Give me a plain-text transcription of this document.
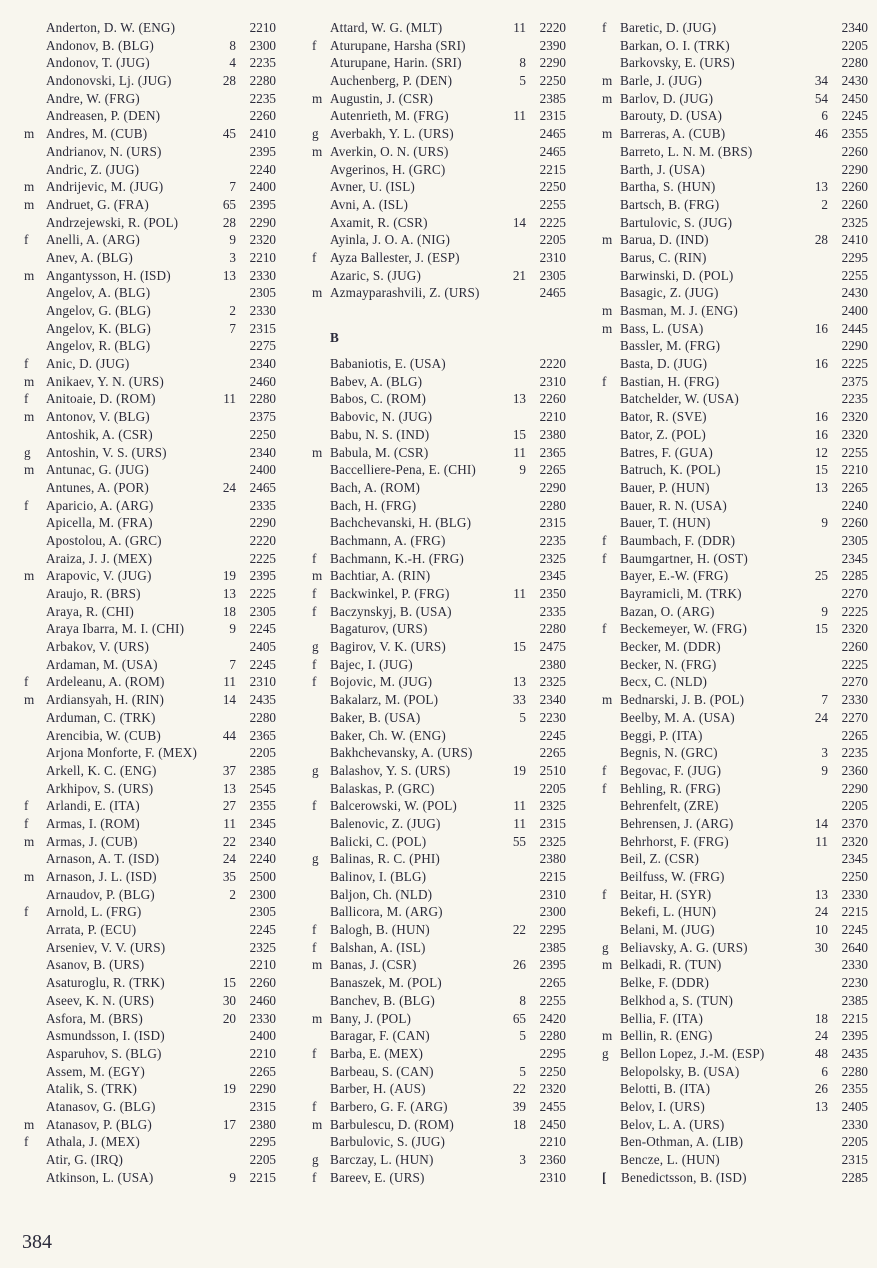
Anderton, D. W. (ENG)	2210
Andonov, B. (BLG)	8	2300
Andonov, T. (JUG)	4	2235
Andonovski, Lj. (JUG)	28	2280
Andre, W. (FRG)	2235
Andreasen, P. (DEN)	2260
m Andres, M. (CUB)	45	2410
Andrianov, N. (URS)	2395
Andric, Z. (JUG)	2240
m Andrijevic, M. (JUG)	7	2400
m Andruet, G. (FRA)	65	2395
Andrzejewski, R. (POL)	28	2290
f	Anelli, A. (ARG)	9	2320
Anev, A. (BLG)	3	2210
m Angantysson, H. (ISD)	13	2330
Angelov, A. (BLG)	2305
Angelov, G. (BLG)	2	2330
Angelov, K. (BLG)	7	2315
Angelov, R. (BLG)	2275
f	Anic, D. (JUG)	2340
m Anikaev, Y. N. (URS)	2460
f	Anitoaie, D. (ROM)	11	2280
m Antonov, V. (BLG)	2375
Antoshik, A. (CSR)	2250
g	Antoshin, V. S. (URS)	2340
m Antunac, G. (JUG)	2400
Antunes, A. (POR)	24	2465
f	Aparicio, A. (ARG)	2335
Apicella, M. (FRA)	2290
Apostolou, A. (GRC)	2220
Araiza, J. J. (MEX)	2225
m Arapovic, V. (JUG)	19	2395
Araujo, R. (BRS)	13	2225
Araya, R. (CHI)	18	2305
Araya Ibarra, M. I. (CHI)	9	2245
Arbakov, V. (URS)	2405
Ardaman, M. (USA)	7	2245
f	Ardeleanu, A. (ROM)	11	2310
m Ardiansyah, H. (RIN)	14	2435
Arduman, C. (TRK)	2280
Arencibia, W. (CUB)	44	2365
Arjona Monforte, F. (MEX)	2205
Arkell, K. C. (ENG)	37	2385
Arkhipov, S. (URS)	13	2545
f	Arlandi, E. (ITA)	27	2355
f	Armas, I. (ROM)	11	2345
m Armas, J. (CUB)	22	2340
Arnason, A. T. (ISD)	24	2240
m Arnason, J. L. (ISD)	35	2500
Arnaudov, P. (BLG)	2	2300
f	Arnold, L. (FRG)	2305
Arrata, P. (ECU)	2245
Arseniev, V. V. (URS)	2325
Asanov, B. (URS)	2210
Asaturoglu, R. (TRK)	15	2260
Aseev, K. N. (URS)	30	2460
Asfora, M. (BRS)	20	2330
Asmundsson, I. (ISD)	2400
Asparuhov, S. (BLG)	2210
Assem, M. (EGY)	2265
Atalik, S. (TRK)	19	2290
Atanasov, G. (BLG)	2315
m Atanasov, P. (BLG)	17	2380
f	Athala, J. (MEX)	2295
Atir, G. (IRQ)	2205
Atkinson, L. (USA)	9	2215
Attard, W. G. (MLT)	11	2220
f	Aturupane, Harsha (SRI)	2390
Aturupane, Harin. (SRI)	8	2290
Auchenberg, P. (DEN)	5	2250
m Augustin, J. (CSR)	2385
Autenrieth, M. (FRG)	11	2315
g Averbakh, Y. L. (URS)	2465
m Averkin, O. N. (URS)	2465
Avgerinos, H. (GRC)	2215
Avner, U. (ISL)	2250
Avni, A. (ISL)	2255
Axamit, R. (CSR)	14	2225
Ayinla, J. O. A. (NIG)	2205
f	Ayza Ballester, J. (ESP)	2310
Azaric, S. (JUG)	21	2305
m Azmayparashvili, Z. (URS)	2465
B
Babaniotis, E. (USA)	2220
Babev, A. (BLG)	2310
Babos, C. (ROM)	13	2260
Babovic, N. (JUG)	2210
Babu, N. S. (IND)	15	2380
m Babula, M. (CSR)	11	2365
Baccelliere-Pena, E. (CHI)	9	2265
Bach, A. (ROM)	2290
Bach, H. (FRG)	2280
Bachchevanski, H. (BLG)	2315
Bachmann, A. (FRG)	2235
f	Bachmann, K.-H. (FRG)	2325
m Bachtiar, A. (RIN)	2345
f	Backwinkel, P. (FRG)	11	2350
f	Baczynskyj, B. (USA)	2335
Bagaturov, (URS)	2280
g Bagirov, V. K. (URS)	15	2475
f	Bajec, I. (JUG)	2380
f	Bojovic, M. (JUG)	13	2325
Bakalarz, M. (POL)	33	2340
Baker, B. (USA)	5	2230
Baker, Ch. W. (ENG)	2245
Bakhchevansky, A. (URS)	2265
g Balashov, Y. S. (URS)	19	2510
Balaskas, P. (GRC)	2205
f	Balcerowski, W. (POL)	11	2325
Balenovic, Z. (JUG)	11	2315
Balicki, C. (POL)	55	2325
g Balinas, R. C. (PHI)	2380
Balinov, I. (BLG)	2215
Baljon, Ch. (NLD)	2310
Ballicora, M. (ARG)	2300
f	Balogh, B. (HUN)	22	2295
f	Balshan, A. (ISL)	2385
m Banas, J. (CSR)	26	2395
Banaszek, M. (POL)	2265
Banchev, B. (BLG)	8	2255
m Bany, J. (POL)	65	2420
Baragar, F. (CAN)	5	2280
f	Barba, E. (MEX)	2295
Barbeau, S. (CAN)	5	2250
Barber, H. (AUS)	22	2320
f	Barbero, G. F. (ARG)	39	2455
m Barbulescu, D. (ROM)	18	2450
Barbulovic, S. (JUG)	2210
g Barczay, L. (HUN)	3	2360
f	Bareev, E. (URS)	2310
f	Baretic, D. (JUG)	2340
Barkan, O. I. (TRK)	2205
Barkovsky, E. (URS)	2280
m Barle, J. (JUG)	34	2430
m Barlov, D. (JUG)	54	2450
Barouty, D. (USA)	6	2245
m Barreras, A. (CUB)	46	2355
Barreto, L. N. M. (BRS)	2260
Barth, J. (USA)	2290
Bartha, S. (HUN)	13	2260
Bartsch, B. (FRG)	2	2260
Bartulovic, S. (JUG)	2325
m Barua, D. (IND)	28	2410
Barus, C. (RIN)	2295
Barwinski, D. (POL)	2255
Basagic, Z. (JUG)	2430
m Basman, M. J. (ENG)	2400
m Bass, L. (USA)	16	2445
Bassler, M. (FRG)	2290
Basta, D. (JUG)	16	2225
f	Bastian, H. (FRG)	2375
Batchelder, W. (USA)	2235
Bator, R. (SVE)	16	2320
Bator, Z. (POL)	16	2320
Batres, F. (GUA)	12	2255
Batruch, K. (POL)	15	2210
Bauer, P. (HUN)	13	2265
Bauer, R. N. (USA)	2240
Bauer, T. (HUN)	9	2260
f	Baumbach, F. (DDR)	2305
f	Baumgartner, H. (OST)	2345
Bayer, E.-W. (FRG)	25	2285
Bayramicli, M. (TRK)	2270
Bazan, O. (ARG)	9	2225
f	Beckemeyer, W. (FRG)	15	2320
Becker, M. (DDR)	2260
Becker, N. (FRG)	2225
Becx, C. (NLD)	2270
m Bednarski, J. B. (POL)	7	2330
Beelby, M. A. (USA)	24	2270
Beggi, P. (ITA)	2265
Begnis, N. (GRC)	3	2235
f	Begovac, F. (JUG)	9	2360
f	Behling, R. (FRG)	2290
Behrenfelt, (ZRE)	2205
Behrensen, J. (ARG)	14	2370
Behrhorst, F. (FRG)	11	2320
Beil, Z. (CSR)	2345
Beilfuss, W. (FRG)	2250
f	Beitar, H. (SYR)	13	2330
Bekefi, L. (HUN)	24	2215
Belani, M. (JUG)	10	2245
g Beliavsky, A. G. (URS)	30	2640
m Belkadi, R. (TUN)	2330
Belke, F. (DDR)	2230
Belkhod a, S. (TUN)	2385
Bellia, F. (ITA)	18	2215
m Bellin, R. (ENG)	24	2395
g Bellon Lopez, J.-M. (ESP)	48	2435
Belopolsky, B. (USA)	6	2280
Belotti, B. (ITA)	26	2355
Belov, I. (URS)	13	2405
Belov, L. A. (URS)	2330
Ben-Othman, A. (LIB)	2205
Bencze, L. (HUN)	2315
[	Benedictsson, B. (ISD)	2285
384
